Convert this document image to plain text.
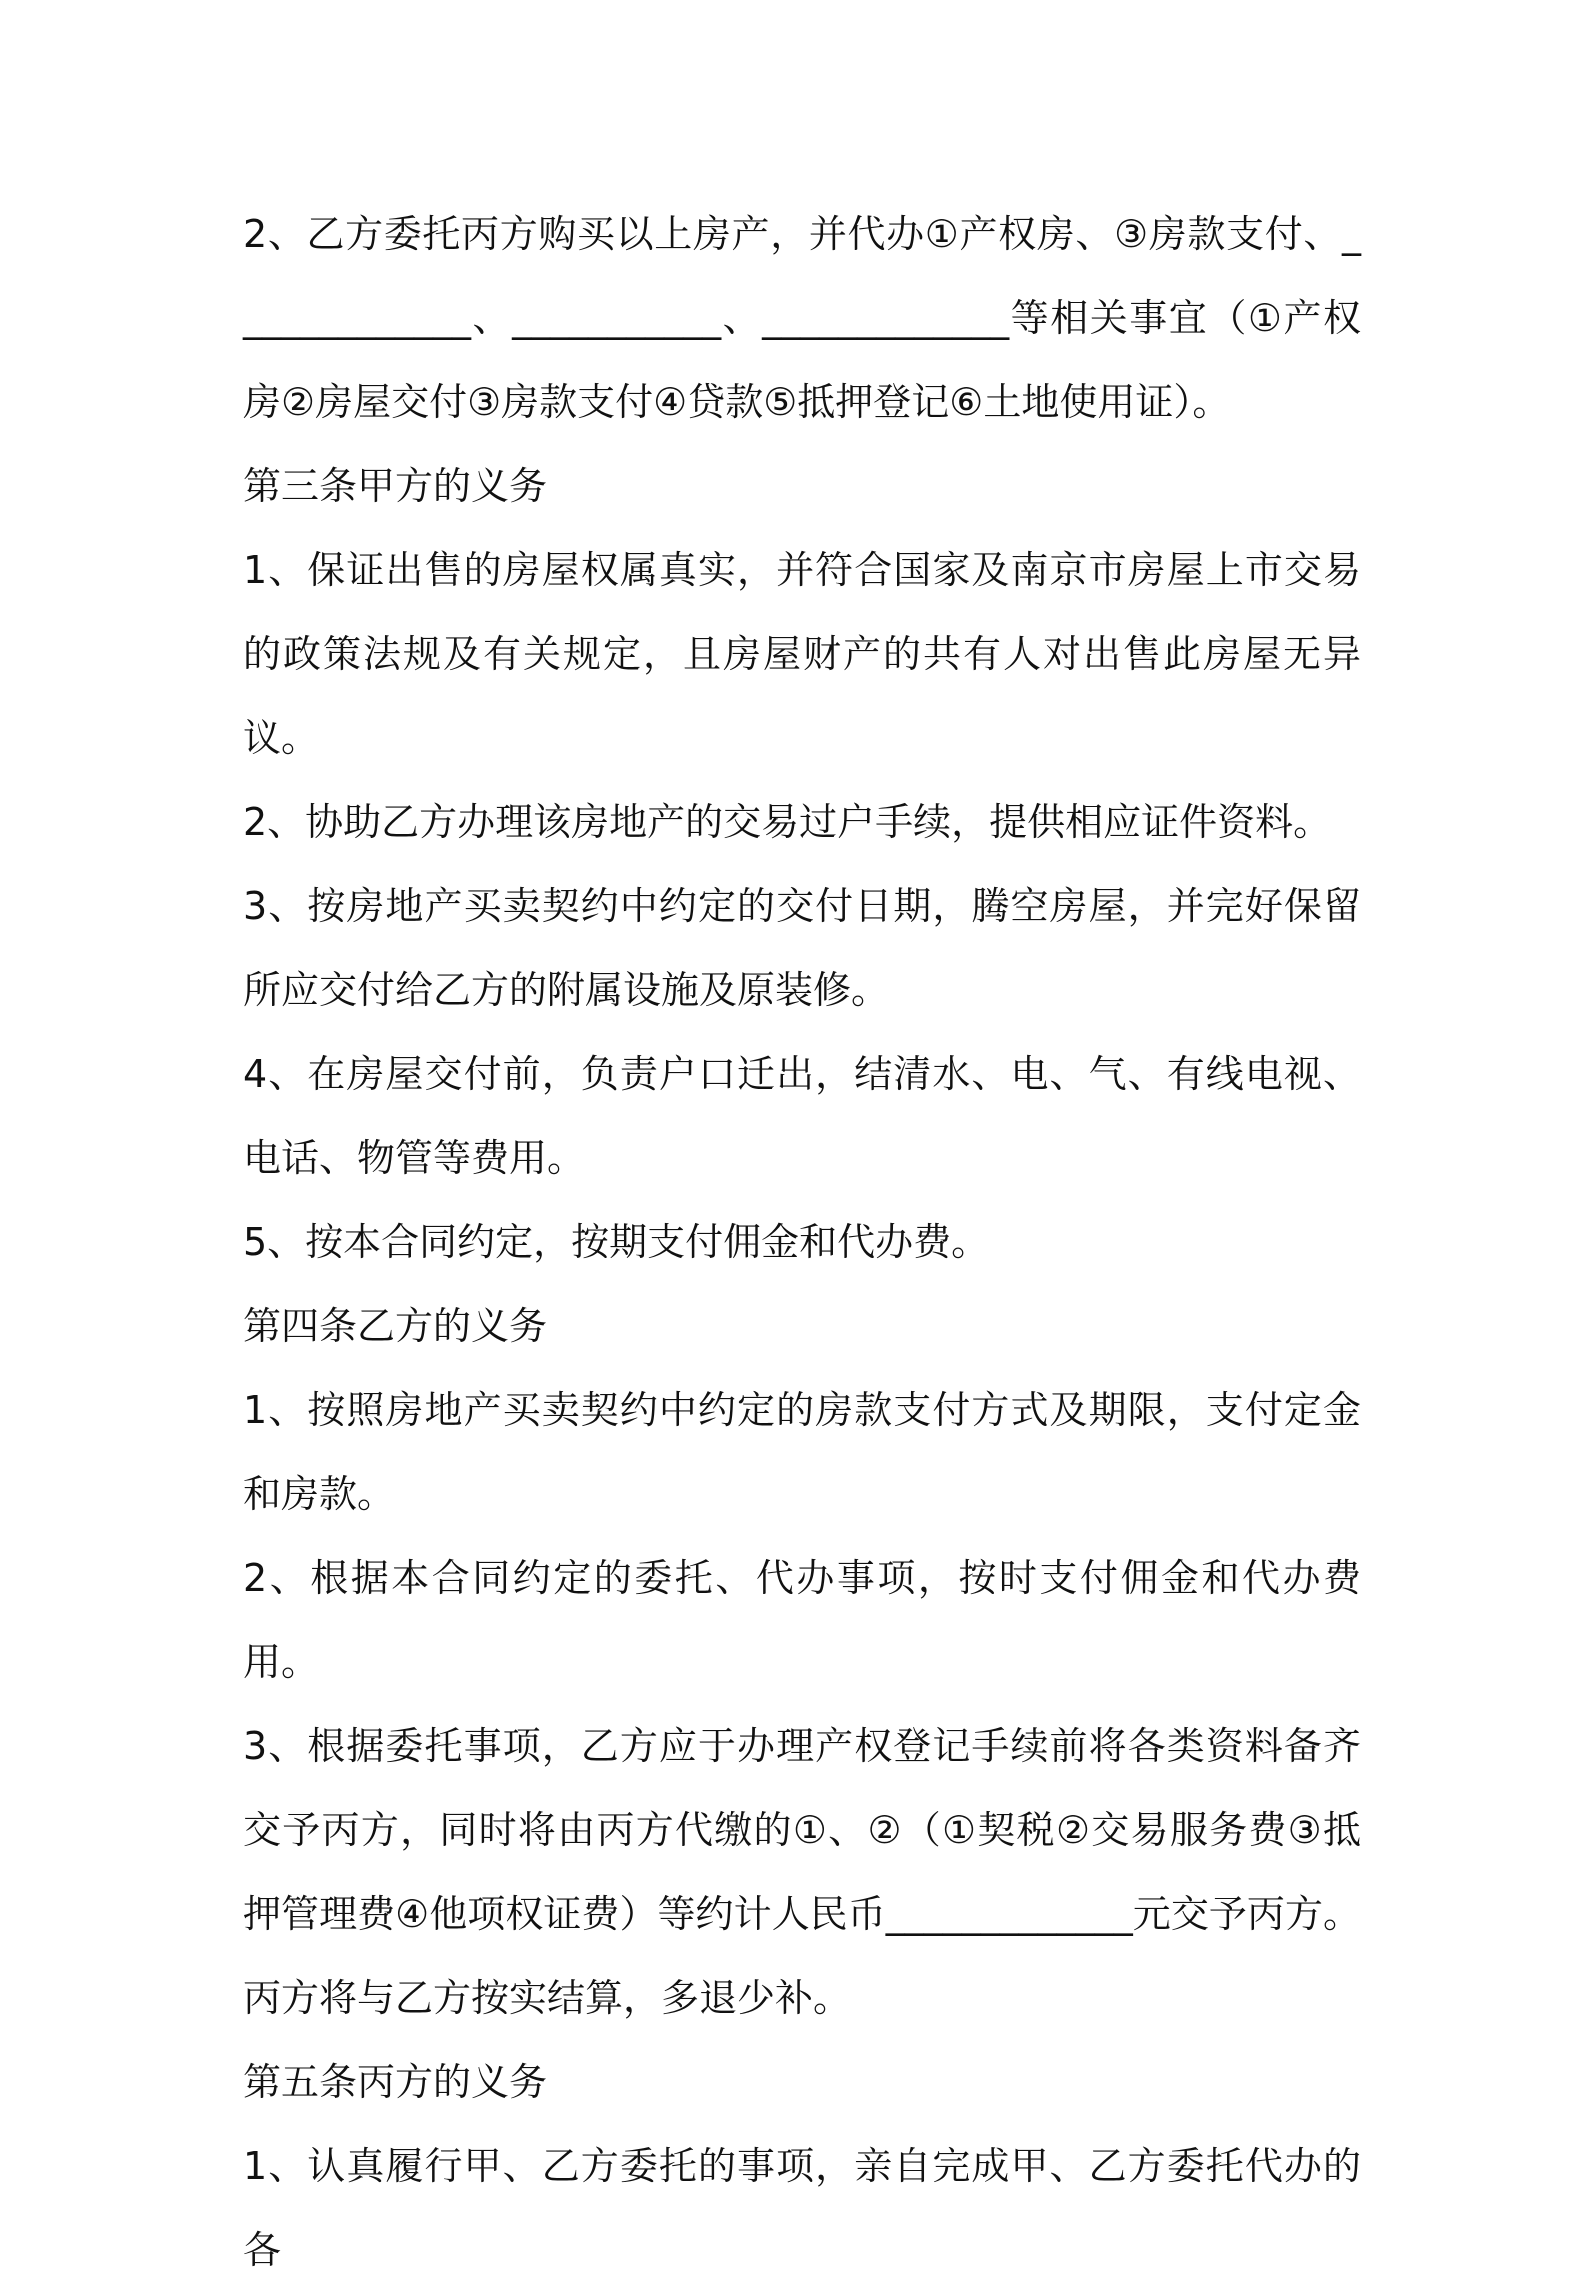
2、乙方委托丙方购买以上房产，并代办①产权房、③房款支付、_____________、___________、_____________等相关事宜（①产权房②房屋交付③房款支付④贷款⑤抵押登记⑥土地使用证）。

第三条甲方的义务

1、保证出售的房屋权属真实，并符合国家及南京市房屋上市交易的政策法规及有关规定，且房屋财产的共有人对出售此房屋无异议。

2、协助乙方办理该房地产的交易过户手续，提供相应证件资料。

3、按房地产买卖契约中约定的交付日期，腾空房屋，并完好保留所应交付给乙方的附属设施及原装修。

4、在房屋交付前，负责户口迁出，结清水、电、气、有线电视、电话、物管等费用。

5、按本合同约定，按期支付佣金和代办费。

第四条乙方的义务

1、按照房地产买卖契约中约定的房款支付方式及期限，支付定金和房款。

2、根据本合同约定的委托、代办事项，按时支付佣金和代办费用。

3、根据委托事项，乙方应于办理产权登记手续前将各类资料备齐交予丙方，同时将由丙方代缴的①、②（①契税②交易服务费③抵押管理费④他项权证费）等约计人民币_____________元交予丙方。丙方将与乙方按实结算，多退少补。

第五条丙方的义务

1、认真履行甲、乙方委托的事项，亲自完成甲、乙方委托代办的各
